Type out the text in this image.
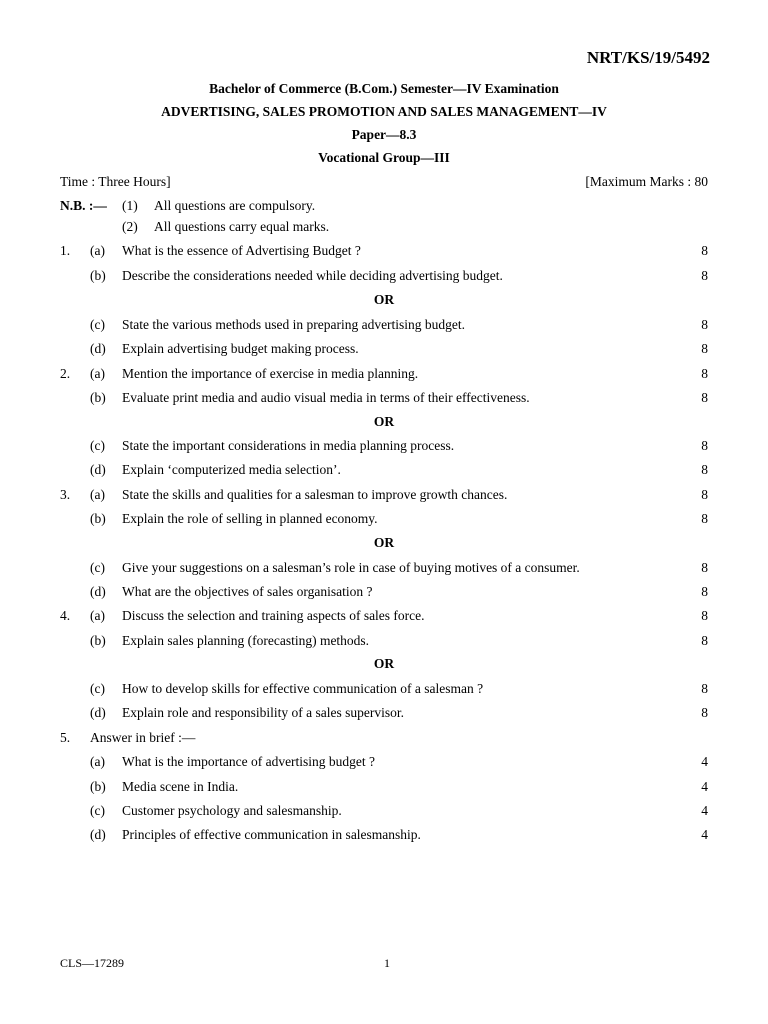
NRT/KS/19/5492
Bachelor of Commerce (B.Com.) Semester—IV Examination
ADVERTISING, SALES PROMOTION AND SALES MANAGEMENT—IV
Paper—8.3
Vocational Group—III
Time : Three Hours]	[Maximum Marks : 80
N.B. :— (1) All questions are compulsory.
(2) All questions carry equal marks.
1. (a) What is the essence of Advertising Budget ?	8
(b) Describe the considerations needed while deciding advertising budget.	8
OR
(c) State the various methods used in preparing advertising budget.	8
(d) Explain advertising budget making process.	8
2. (a) Mention the importance of exercise in media planning.	8
(b) Evaluate print media and audio visual media in terms of their effectiveness.	8
OR
(c) State the important considerations in media planning process.	8
(d) Explain ‘computerized media selection’.	8
3. (a) State the skills and qualities for a salesman to improve growth chances.	8
(b) Explain the role of selling in planned economy.	8
OR
(c) Give your suggestions on a salesman’s role in case of buying motives of a consumer.	8
(d) What are the objectives of sales organisation ?	8
4. (a) Discuss the selection and training aspects of sales force.	8
(b) Explain sales planning (forecasting) methods.	8
OR
(c) How to develop skills for effective communication of a salesman ?	8
(d) Explain role and responsibility of a sales supervisor.	8
5. Answer in brief :—
(a) What is the importance of advertising budget ?	4
(b) Media scene in India.	4
(c) Customer psychology and salesmanship.	4
(d) Principles of effective communication in salesmanship.	4
CLS—17289	1
